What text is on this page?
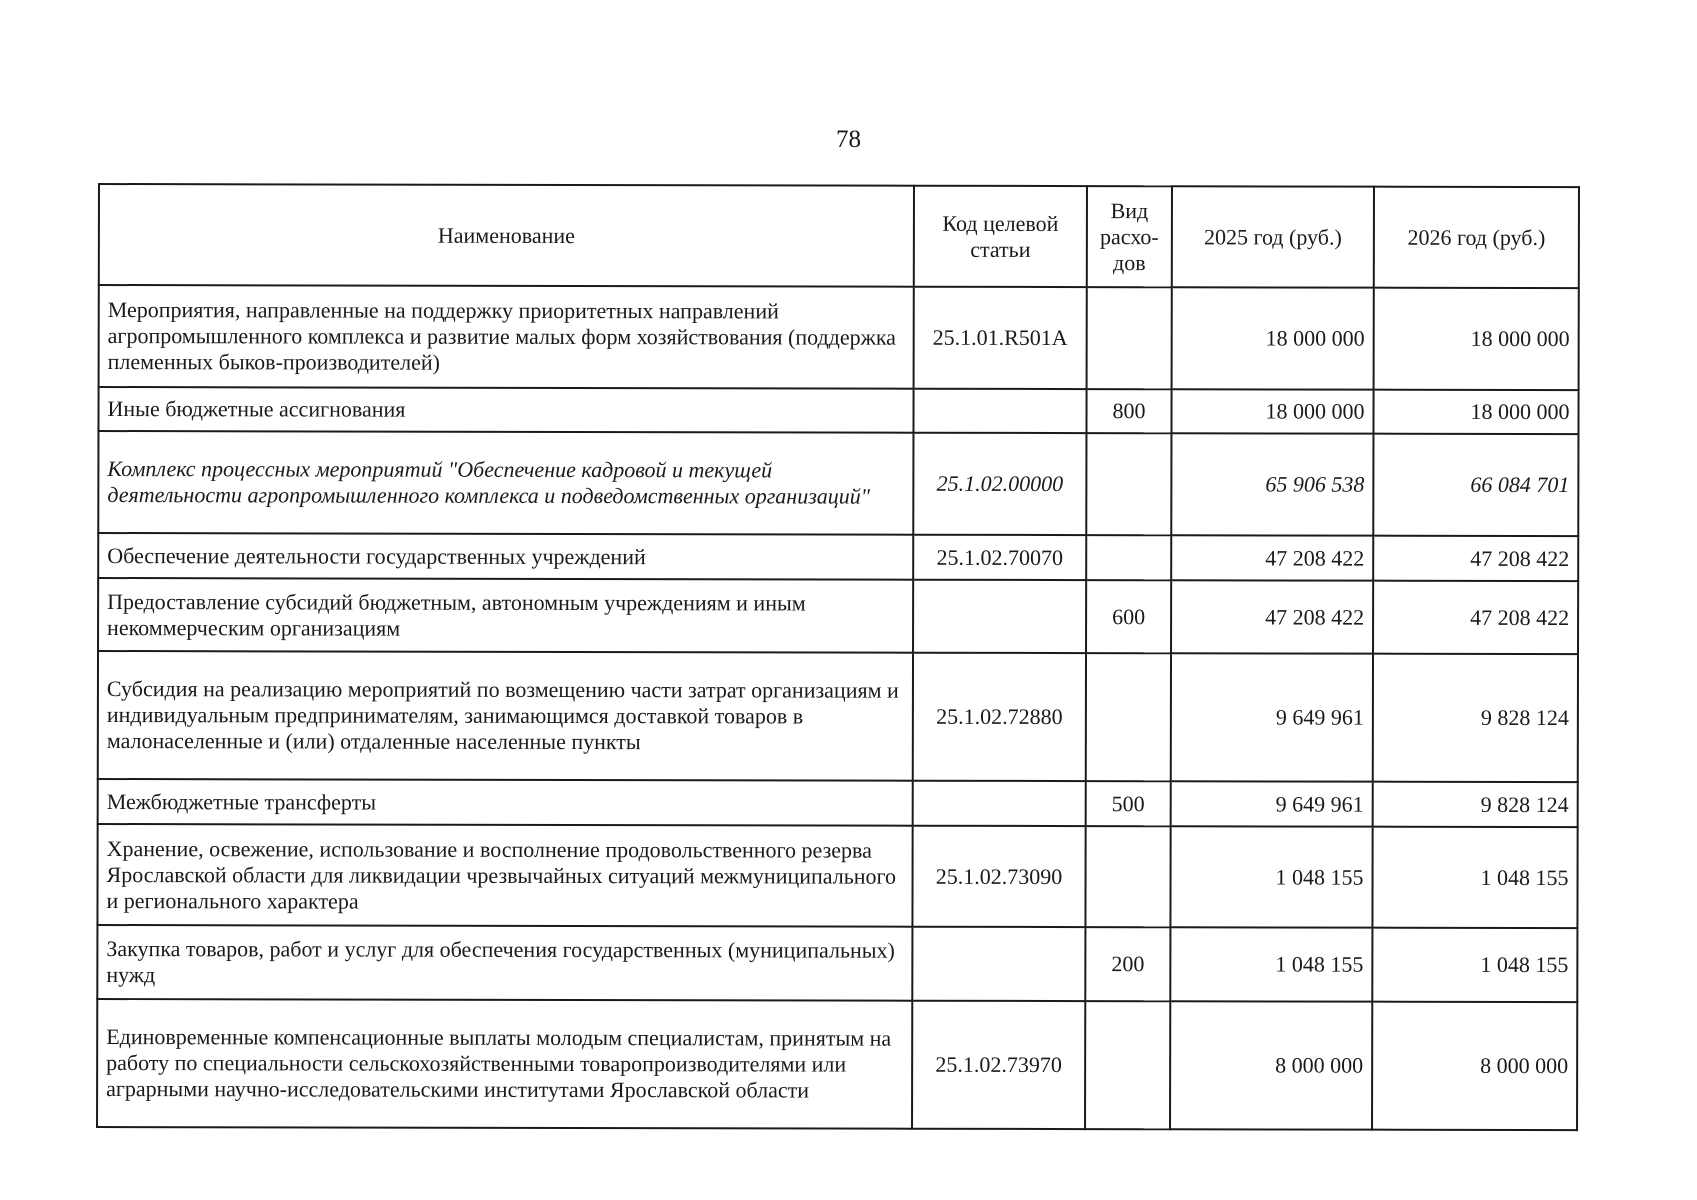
78
Наименование	Код целевой статьи	Вид расхо-дов	2025 год (руб.)	2026 год (руб.)
Мероприятия, направленные на поддержку приоритетных направлений агропромышленного комплекса и развитие малых форм хозяйствования (поддержка племенных быков-производителей)	25.1.01.R501A		18 000 000	18 000 000
Иные бюджетные ассигнования		800	18 000 000	18 000 000
Комплекс процессных мероприятий "Обеспечение кадровой и текущей деятельности агропромышленного комплекса и подведомственных организаций"	25.1.02.00000		65 906 538	66 084 701
Обеспечение деятельности государственных учреждений	25.1.02.70070		47 208 422	47 208 422
Предоставление субсидий бюджетным, автономным учреждениям и иным некоммерческим организациям		600	47 208 422	47 208 422
Субсидия на реализацию мероприятий по возмещению части затрат организациям и индивидуальным предпринимателям, занимающимся доставкой товаров в малонаселенные и (или) отдаленные населенные пункты	25.1.02.72880		9 649 961	9 828 124
Межбюджетные трансферты		500	9 649 961	9 828 124
Хранение, освежение, использование и восполнение продовольственного резерва Ярославской области для ликвидации чрезвычайных ситуаций межмуниципального и регионального характера	25.1.02.73090		1 048 155	1 048 155
Закупка товаров, работ и услуг для обеспечения государственных (муниципальных) нужд		200	1 048 155	1 048 155
Единовременные компенсационные выплаты молодым специалистам, принятым на работу по специальности сельскохозяйственными товаропроизводителями или аграрными научно-исследовательскими институтами Ярославской области	25.1.02.73970		8 000 000	8 000 000
